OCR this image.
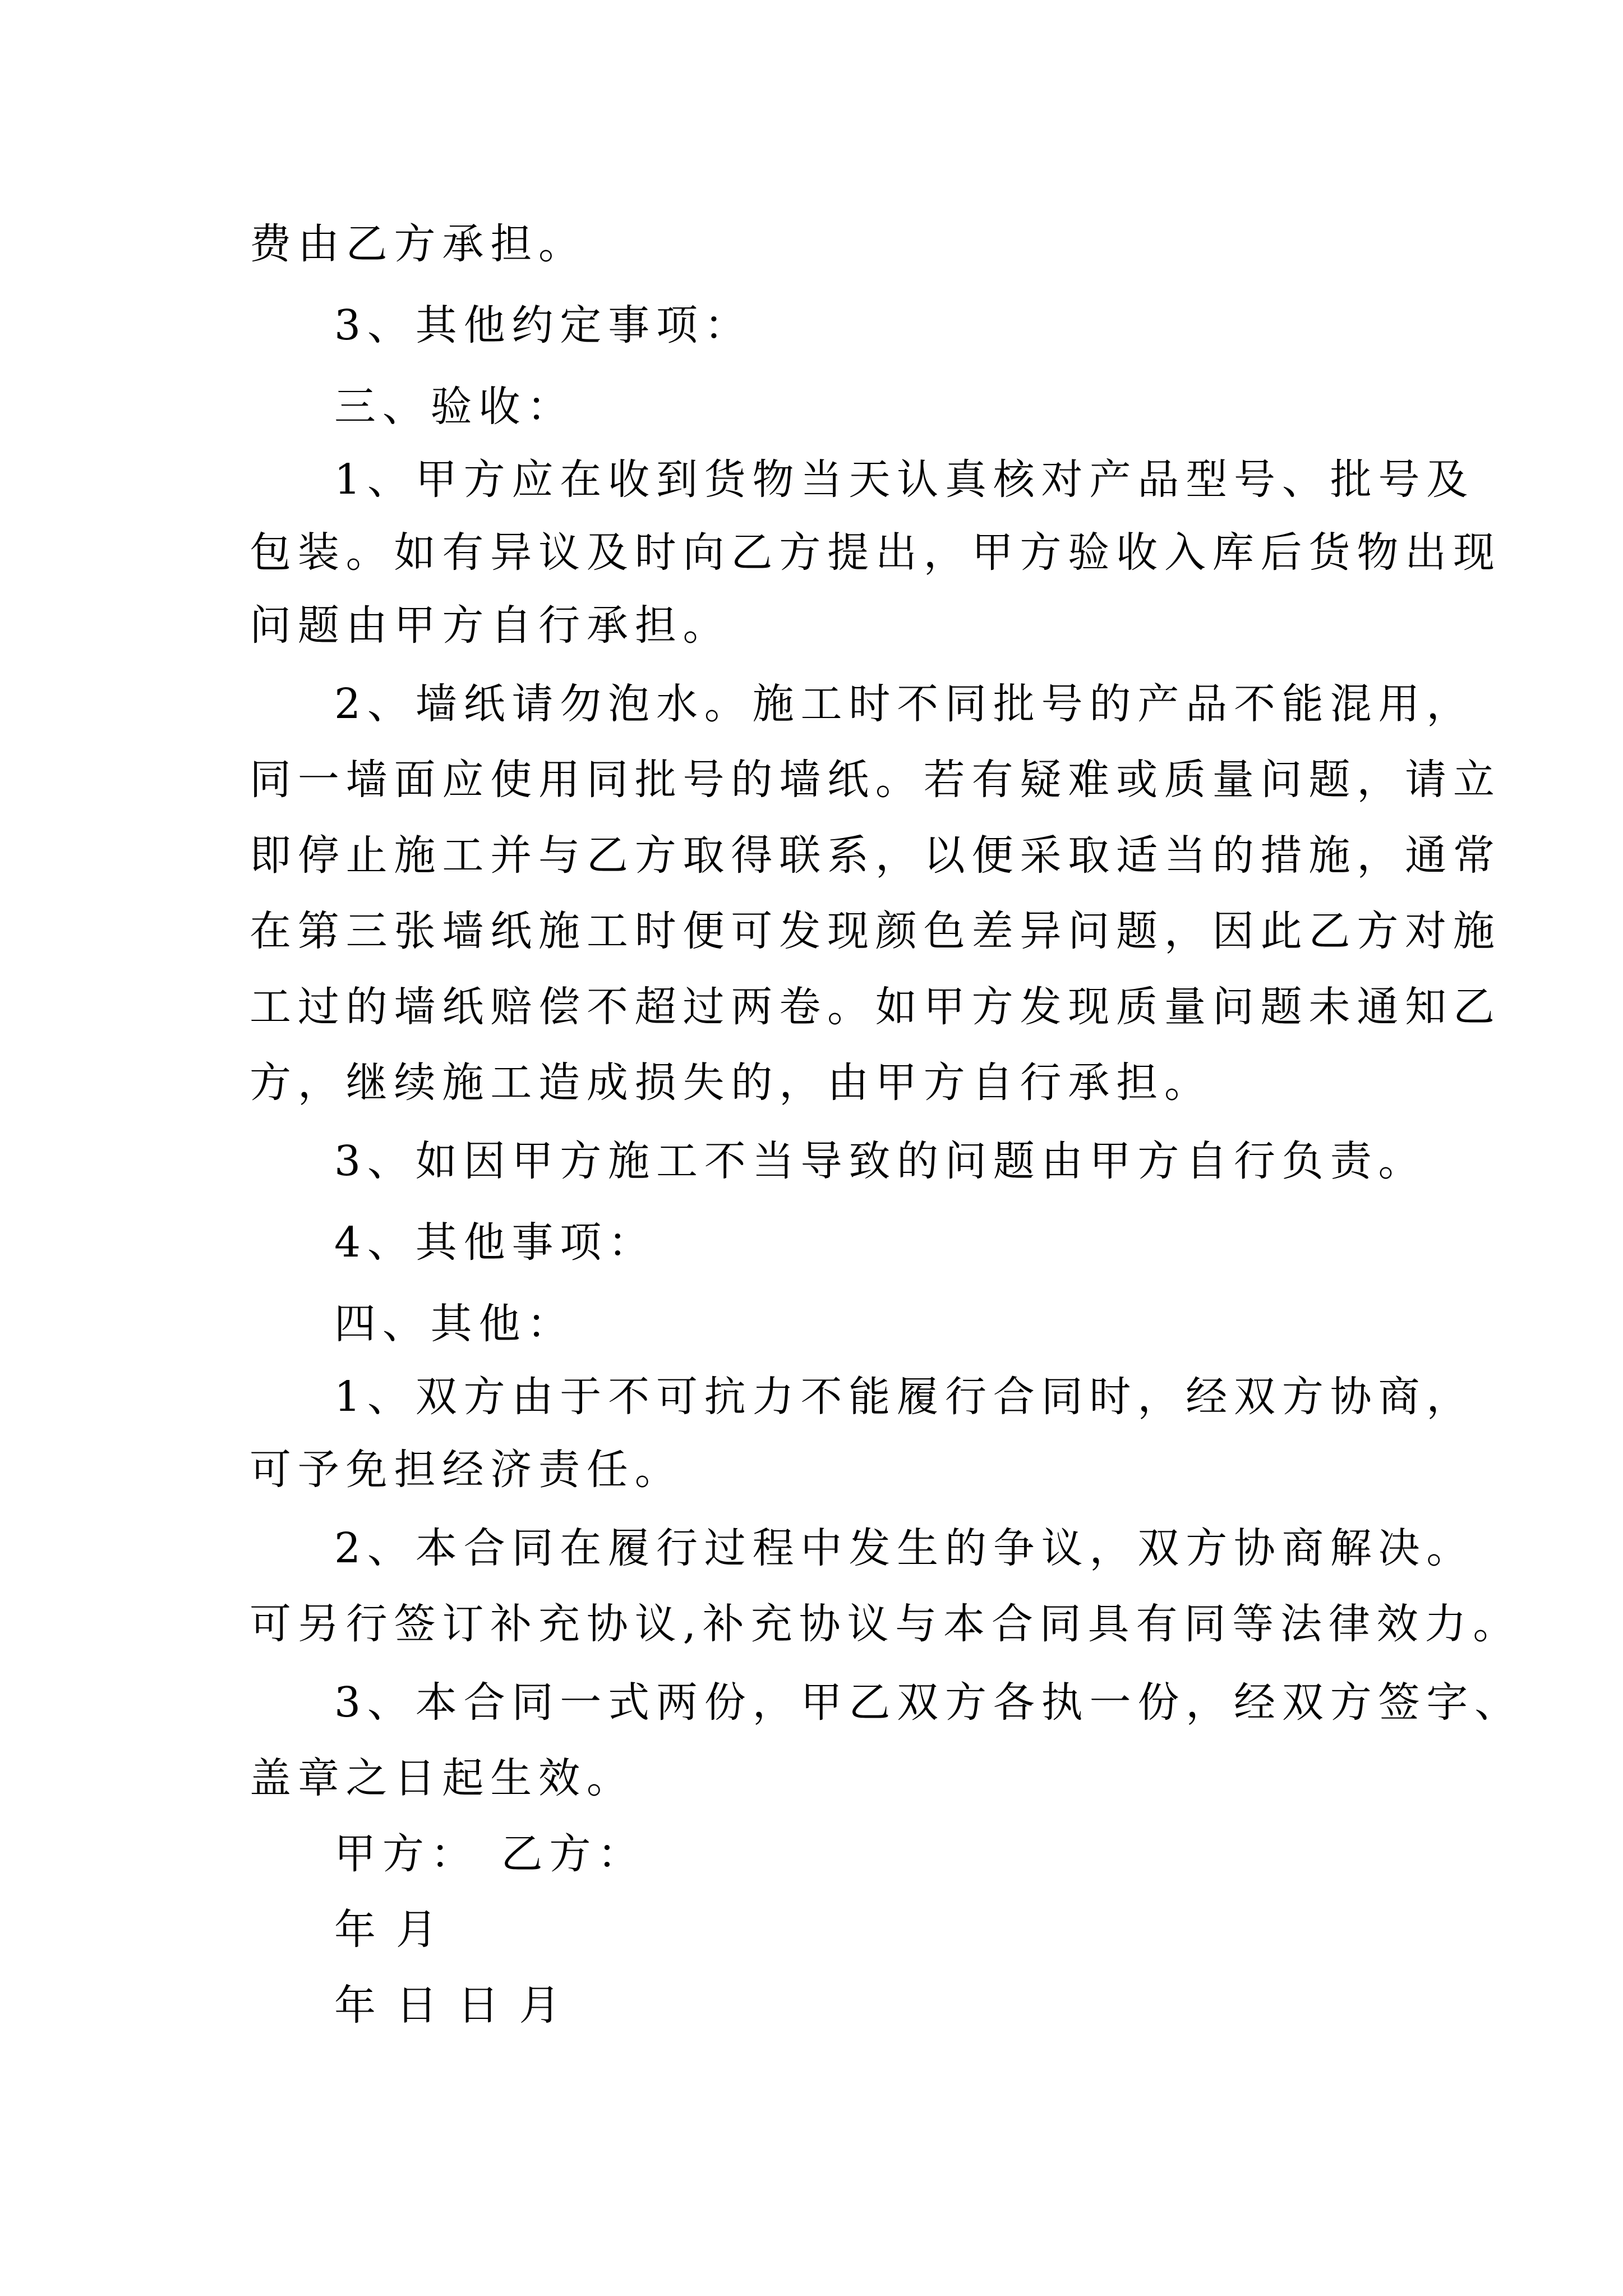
费由乙方承担。
3、其他约定事项：
三、验收：
1、甲方应在收到货物当天认真核对产品型号、批号及
包装。如有异议及时向乙方提出，甲方验收入库后货物出现
问题由甲方自行承担。
2、墙纸请勿泡水。施工时不同批号的产品不能混用，
同一墙面应使用同批号的墙纸。若有疑难或质量问题，请立
即停止施工并与乙方取得联系，以便采取适当的措施，通常
在第三张墙纸施工时便可发现颜色差异问题，因此乙方对施
工过的墙纸赔偿不超过两卷。如甲方发现质量问题未通知乙
方，继续施工造成损失的，由甲方自行承担。
3、如因甲方施工不当导致的问题由甲方自行负责。
4、其他事项：
四、其他：
1、双方由于不可抗力不能履行合同时，经双方协商，
可予免担经济责任。
2、本合同在履行过程中发生的争议，双方协商解决。
可另行签订补充协议,补充协议与本合同具有同等法律效力。
3、本合同一式两份，甲乙双方各执一份，经双方签字、
盖章之日起生效。
甲方： 乙方：
年 月
年 日 日 月
